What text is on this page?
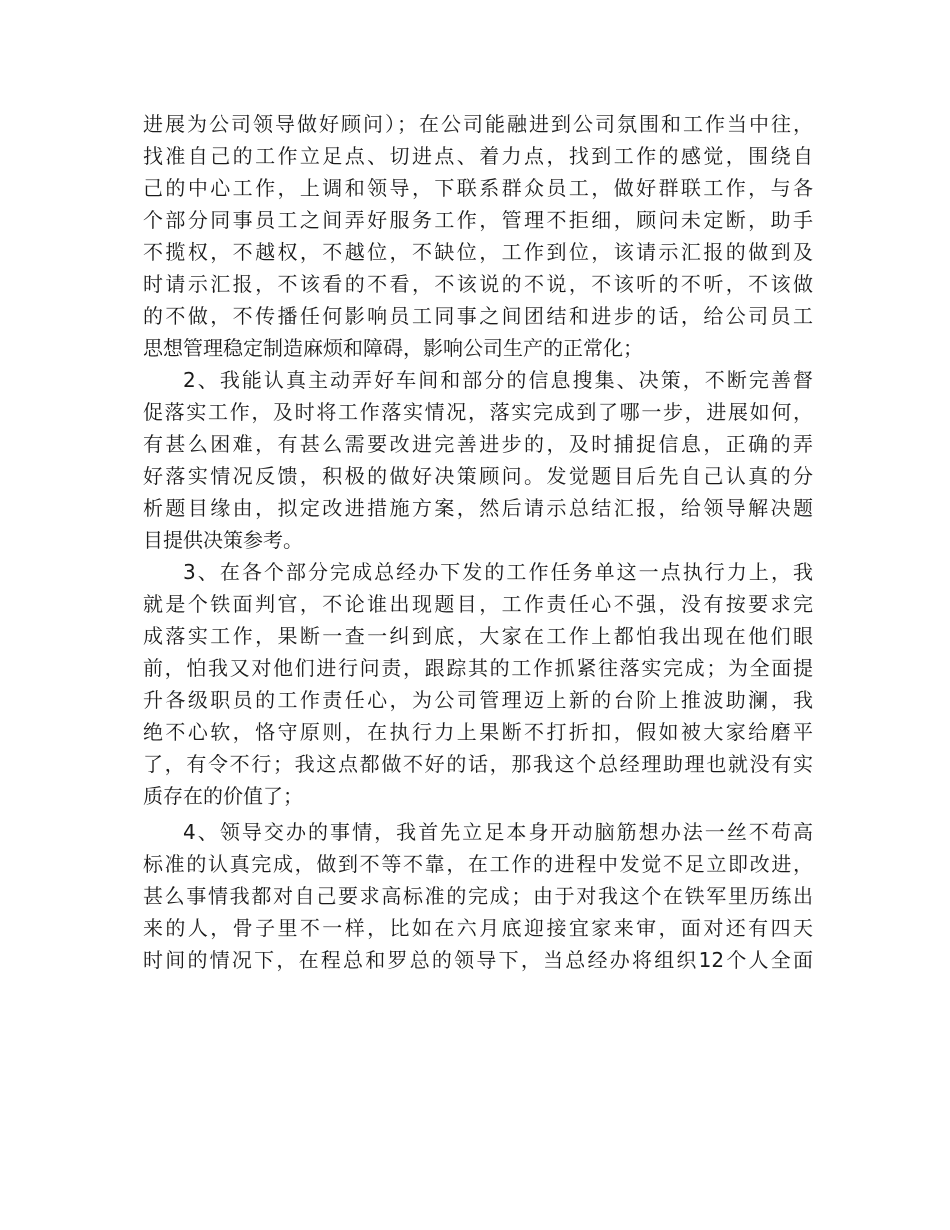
进展为公司领导做好顾问）；在公司能融进到公司氛围和工作当中往，
找准自己的工作立足点、切进点、着力点，找到工作的感觉，围绕自
己的中心工作，上调和领导，下联系群众员工，做好群联工作，与各
个部分同事员工之间弄好服务工作，管理不拒细，顾问未定断，助手
不揽权，不越权，不越位，不缺位，工作到位，该请示汇报的做到及
时请示汇报，不该看的不看，不该说的不说，不该听的不听，不该做
的不做，不传播任何影响员工同事之间团结和进步的话，给公司员工
思想管理稳定制造麻烦和障碍，影响公司生产的正常化；
2、我能认真主动弄好车间和部分的信息搜集、决策，不断完善督
促落实工作，及时将工作落实情况，落实完成到了哪一步，进展如何，
有甚么困难，有甚么需要改进完善进步的，及时捕捉信息，正确的弄
好落实情况反馈，积极的做好决策顾问。发觉题目后先自己认真的分
析题目缘由，拟定改进措施方案，然后请示总结汇报，给领导解决题
目提供决策参考。
3、在各个部分完成总经办下发的工作任务单这一点执行力上，我
就是个铁面判官，不论谁出现题目，工作责任心不强，没有按要求完
成落实工作，果断一查一纠到底，大家在工作上都怕我出现在他们眼
前，怕我又对他们进行问责，跟踪其的工作抓紧往落实完成；为全面提
升各级职员的工作责任心，为公司管理迈上新的台阶上推波助澜，我
绝不心软，恪守原则，在执行力上果断不打折扣，假如被大家给磨平
了，有令不行；我这点都做不好的话，那我这个总经理助理也就没有实
质存在的价值了；
4、领导交办的事情，我首先立足本身开动脑筋想办法一丝不苟高
标准的认真完成，做到不等不靠，在工作的进程中发觉不足立即改进，
甚么事情我都对自己要求高标准的完成；由于对我这个在铁军里历练出
来的人，骨子里不一样，比如在六月底迎接宜家来审，面对还有四天
时间的情况下，在程总和罗总的领导下，当总经办将组织12个人全面
